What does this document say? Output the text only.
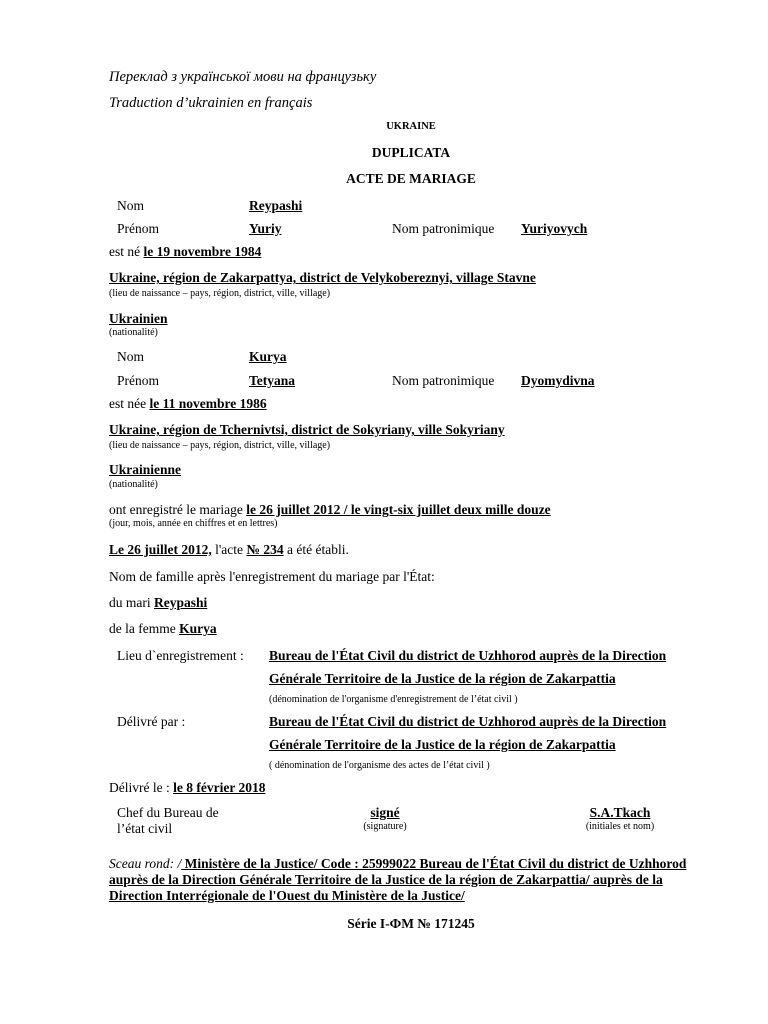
Переклад з української мови на французьку
Traduction d’ukrainien en français
UKRAINE
DUPLICATA
ACTE DE MARIAGE
Nom	Reypashi
Prénom	Yuriy	Nom patronimique Yuriyovych
est né le 19 novembre 1984
Ukraine, région de Zakarpattya, district de Velykobereznyi, village Stavne
(lieu de naissance – pays, région, district, ville, village)
Ukrainien
(nationalité)
Nom	Kurya
Prénom	Tetyana	Nom patronimique Dyomydivna
est née le 11 novembre 1986
Ukraine, région de Tchernivtsi, district de Sokyriany, ville Sokyriany
(lieu de naissance – pays, région, district, ville, village)
Ukrainienne
(nationalité)
ont enregistré le mariage le 26 juillet 2012 / le vingt-six juillet deux mille douze
(jour, mois, année en chiffres et en lettres)
Le 26 juillet 2012, l'acte № 234 a été établi.
Nom de famille après l'enregistrement du mariage par l'État:
du mari Reypashi
de la femme Kurya
Lieu d`enregistrement : Bureau de l'État Civil du district de Uzhhorod auprès de la Direction
Générale Territoire de la Justice de la région de Zakarpattia
(dénomination de l'organisme d'enregistrement de l’état civil )
Délivré par :	Bureau de l'État Civil du district de Uzhhorod auprès de la Direction
Générale Territoire de la Justice de la région de Zakarpattia
( dénomination de l'organisme des actes de l’état civil )
Délivré le : le 8 février 2018
Chef du Bureau de
l’état civil
signé
(signature)
S.A.Tkach
(initiales et nom)
Sceau rond: / Ministère de la Justice/ Code : 25999022 Bureau de l'État Civil du district de Uzhhorod auprès de la Direction Générale Territoire de la Justice de la région de Zakarpattia/ auprès de la Direction Interrégionale de l'Ouest du Ministère de la Justice/
Série I-ФМ № 171245
